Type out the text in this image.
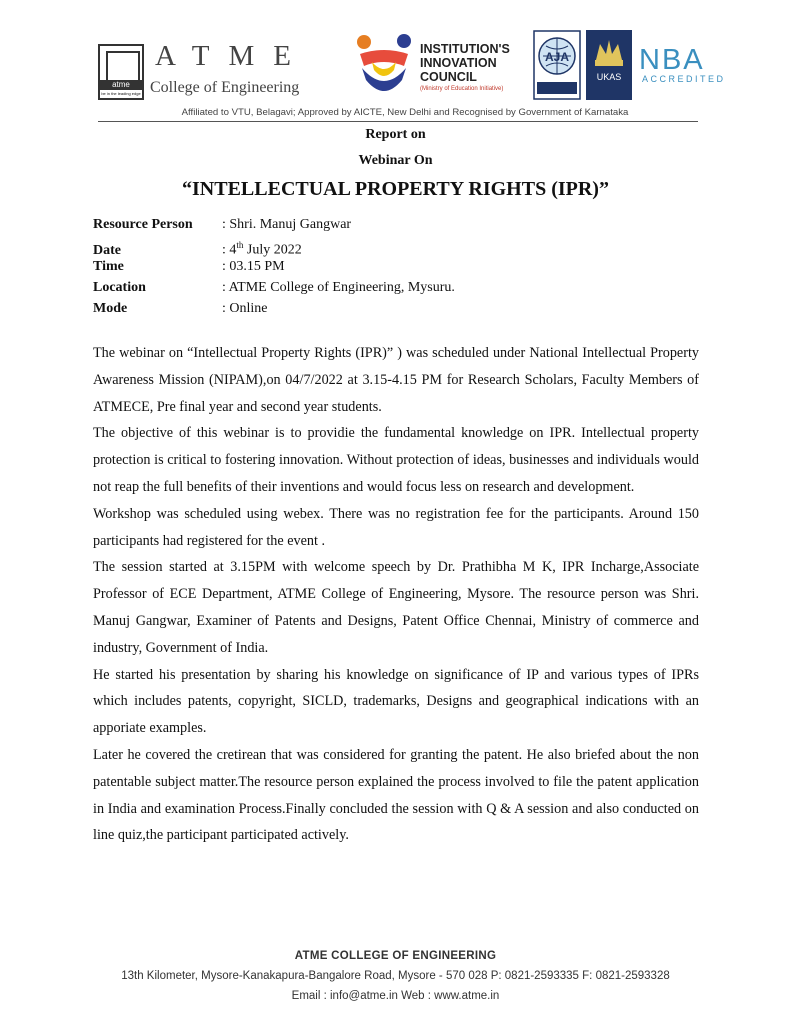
atme
be in the leading edge
ATME
College of Engineering
INSTITUTION'S
INNOVATION
COUNCIL
(Ministry of Education Initiative)
AJA
UKAS
NBA
ACCREDITED
Affiliated to VTU, Belagavi; Approved by AICTE, New Delhi and Recognised by Government of Karnataka
Report on
Webinar On
“INTELLECTUAL PROPERTY RIGHTS (IPR)”
Resource Person : Shri. Manuj Gangwar
Date	: 4th July 2022
Time	: 03.15 PM
Location	: ATME College of Engineering, Mysuru.
Mode	: Online

The webinar on “Intellectual Property Rights (IPR)” ) was scheduled under National Intellectual Property Awareness Mission (NIPAM),on 04/7/2022 at 3.15-4.15 PM for Research Scholars, Faculty Members of ATMECE, Pre final year and second year students.

The objective of this webinar is to providie the fundamental knowledge on IPR. Intellectual property protection is critical to fostering innovation. Without protection of ideas, businesses and individuals would not reap the full benefits of their inventions and would focus less on research and development.

Workshop was scheduled using webex. There was no registration fee for the participants. Around 150 participants had registered for the event .

The session started at 3.15PM with welcome speech by Dr. Prathibha M K, IPR Incharge,Associate Professor of ECE Department, ATME College of Engineering, Mysore. The resource person was Shri. Manuj Gangwar, Examiner of Patents and Designs, Patent Office Chennai, Ministry of commerce and industry, Government of India.

He started his presentation by sharing his knowledge on significance of IP and various types of IPRs which includes patents, copyright, SICLD, trademarks, Designs and geographical indications with an apporiate examples.

Later he covered the cretirean that was considered for granting the patent. He also briefed about the non patentable subject matter.The resource person explained the process involved to file the patent application in India and examination Process.Finally concluded the session with Q & A session and also conducted on line quiz,the participant participated actively.

ATME COLLEGE OF ENGINEERING
13th Kilometer, Mysore-Kanakapura-Bangalore Road, Mysore - 570 028 P: 0821-2593335 F: 0821-2593328
Email : info@atme.in Web : www.atme.in
